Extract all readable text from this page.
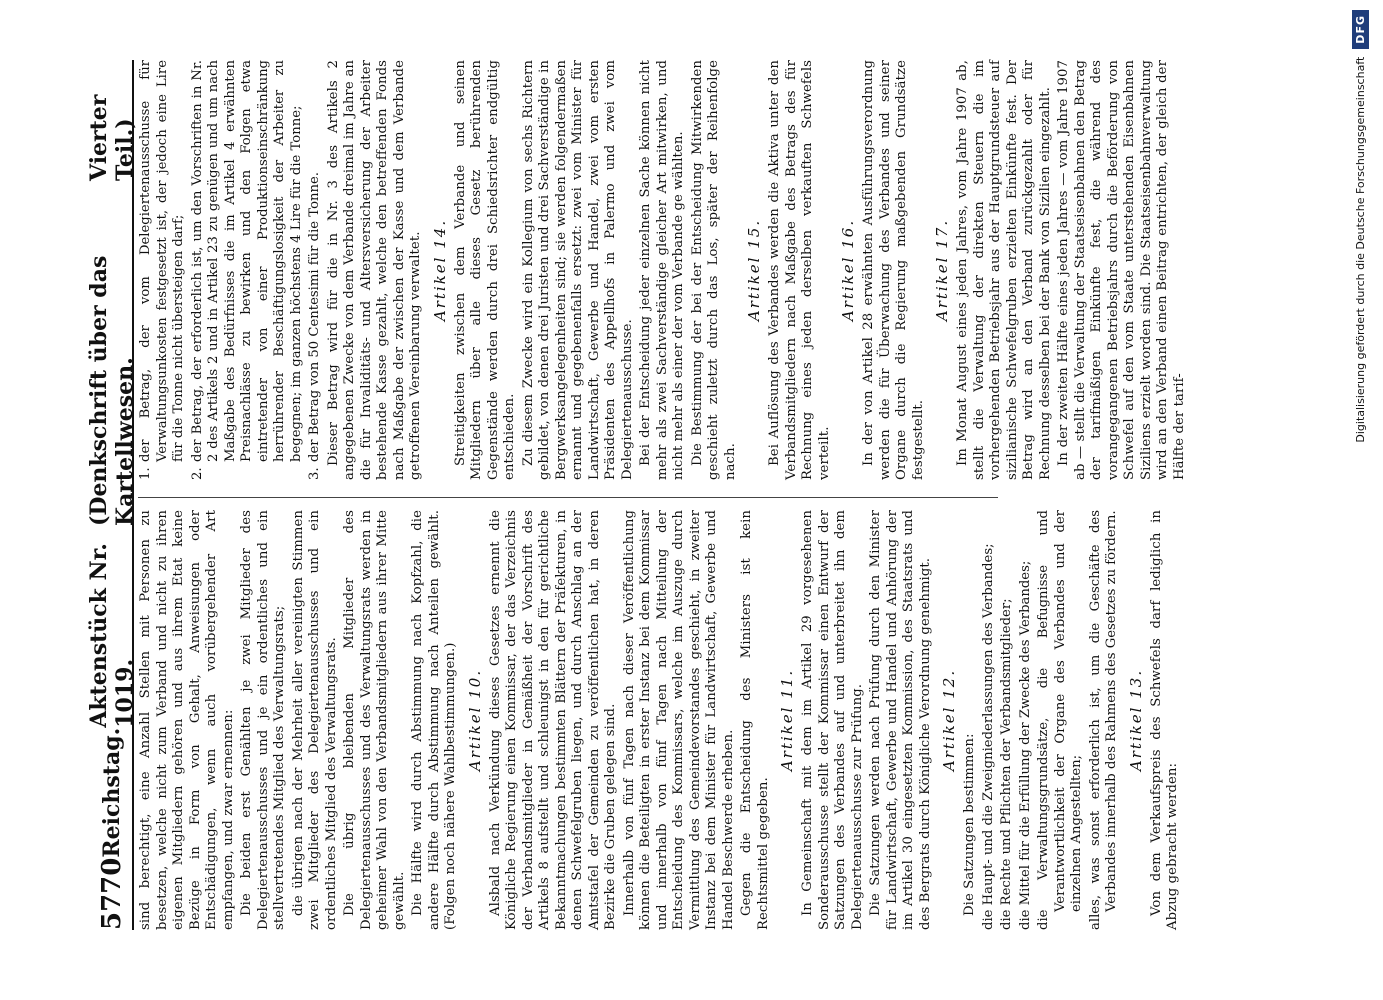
5770
Reichstag.
Aktenstück Nr. 1019.
(Denkschrift über das Kartellwesen.
Vierter Teil.)

sind berechtigt, eine Anzahl Stellen mit Personen zu besetzen, welche nicht zum Verband und nicht zu ihren eigenen Mitgliedern gehören und aus ihrem Etat keine Bezüge in Form von Gehalt, Anweisungen oder Entschädigungen, wenn auch vorübergehender Art empfangen, und zwar ernennen: Die beiden erst Genählten je zwei Mitglieder des Delegiertenausschusses und je ein ordentliches und ein stellvertretendes Mitglied des Verwaltungsrats; die übrigen nach der Mehrheit aller vereinigten Stimmen zwei Mitglieder des Delegiertenausschusses und ein ordentliches Mitglied des Verwaltungsrats. Die übrig bleibenden Mitglieder des Delegiertenausschusses und des Verwaltungsrats werden in geheimer Wahl von den Verbandsmitgliedern aus ihrer Mitte gewählt. Die Hälfte wird durch Abstimmung nach Kopfzahl, die andere Hälfte durch Abstimmung nach Anteilen gewählt. (Folgen noch nähere Wahlbestimmungen.) Artikel 10. Alsbald nach Verkündung dieses Gesetzes ernennt die Königliche Regierung einen Kommissar, der das Verzeichnis der Verbandsmitglieder in Gemäßheit der Vorschrift des Artikels 8 aufstellt und schleunigst in den für gerichtliche Bekanntmachungen bestimmten Blättern der Präfekturen, in denen Schwefelgruben liegen, und durch Anschlag an der Amtstafel der Gemeinden zu veröffentlichen hat, in deren Bezirke die Gruben gelegen sind. Innerhalb von fünf Tagen nach dieser Veröffentlichung können die Beteiligten in erster Instanz bei dem Kommissar und innerhalb von fünf Tagen nach Mitteilung der Entscheidung des Kommissars, welche im Auszuge durch Vermittlung des Gemeindevorstandes geschieht, in zweiter Instanz bei dem Minister für Landwirtschaft, Gewerbe und Handel Beschwerde erheben. Gegen die Entscheidung des Ministers ist kein Rechtsmittel gegeben.

Artikel 11. In Gemeinschaft mit dem im Artikel 29 vorgesehenen Sonderausschusse stellt der Kommissar einen Entwurf der Satzungen des Verbandes auf und unterbreitet ihn dem Delegiertenausschusse zur Prüfung. Die Satzungen werden nach Prüfung durch den Minister für Landwirtschaft, Gewerbe und Handel und Anhörung der im Artikel 30 eingesetzten Kommission, des Staatsrats und des Bergrats durch Königliche Verordnung genehmigt. Artikel 12.

Die Satzungen bestimmen: die Haupt- und die Zweigniederlassungen des Verbandes; die Rechte und Pflichten der Verbandsmitglieder; die Mittel für die Erfüllung der Zwecke des Verbandes; die Verwaltungsgrundsätze, die Befugnisse und Verantwortlichkeit der Organe des Verbandes und der einzelnen Angestellten; alles, was sonst erforderlich ist, um die Geschäfte des Verbandes innerhalb des Rahmens des Gesetzes zu fördern. Artikel 13. Von dem Verkaufspreis des Schwefels darf lediglich in Abzug gebracht werden:

1.der Betrag, der vom Delegiertenausschusse für Verwaltungsunkosten festgesetzt ist, der jedoch eine Lire für die Tonne nicht übersteigen darf;
2.der Betrag, der erforderlich ist, um den Vorschriften in Nr. 2 des Artikels 2 und in Artikel 23 zu genügen und um nach Maßgabe des Bedürfnisses die im Artikel 4 erwähnten Preisnachlässe zu bewirken und den Folgen etwa eintretender von einer Produktionseinschränkung herrührender Beschäftigungslosigkeit der Arbeiter zu begegnen; im ganzen höchstens 4 Lire für die Tonne;
3.der Betrag von 50 Centesimi für die Tonne. Dieser Betrag wird für die in Nr. 3 des Artikels 2 angegebenen Zwecke von dem Verbande dreimal im Jahre an die für Invaliditäts- und Altersversicherung der Arbeiter bestehende Kasse gezahlt, welche den betreffenden Fonds nach Maßgabe der zwischen der Kasse und dem Verbande getroffenen Vereinbarung verwaltet. Artikel 14. Streitigkeiten zwischen dem Verbande und seinen Mitgliedern über alle dieses Gesetz berührenden Gegenstände werden durch drei Schiedsrichter endgültig entschieden. Zu diesem Zwecke wird ein Kollegium von sechs Richtern gebildet, von denen drei Juristen und drei Sachverständige in Bergwerksangelegenheiten sind; sie werden folgendermaßen ernannt und gegebenenfalls ersetzt: zwei vom Minister für Landwirtschaft, Gewerbe und Handel, zwei vom ersten Präsidenten des Appellhofs in Palermo und zwei vom Delegiertenausschusse. Bei der Entscheidung jeder einzelnen Sache können nicht mehr als zwei Sachverständige gleicher Art mitwirken, und nicht mehr als einer der vom Verbande ge wählten. Die Bestimmung der bei der Entscheidung Mitwirkenden geschieht zuletzt durch das Los, später der Reihenfolge nach.

Artikel 15. Bei Auflösung des Verbandes werden die Aktiva unter den Verbandsmitgliedern nach Maßgabe des Betrags des für Rechnung eines jeden derselben verkauften Schwefels verteilt.

Artikel 16. In der von Artikel 28 erwähnten Ausführungsverordnung werden die für Überwachung des Verbandes und seiner Organe durch die Regierung maßgebenden Grundsätze festgestellt.

Artikel 17. Im Monat August eines jeden Jahres, vom Jahre 1907 ab, stellt die Verwaltung der direkten Steuern die im vorhergehenden Betriebsjahr aus der Hauptgrundsteuer auf sizilianische Schwefelgruben erzielten Einkünfte fest. Der Betrag wird an den Verband zurückgezahlt oder für Rechnung desselben bei der Bank von Sizilien eingezahlt. In der zweiten Hälfte eines jeden Jahres — vom Jahre 1907 ab — stellt die Verwaltung der Staatseisenbahnen den Betrag der tarifmäßigen Einkünfte fest, die während des vorangegangenen Betriebsjahrs durch die Beförderung von Schwefel auf den vom Staate unterstehenden Eisenbahnen Siziliens erzielt worden sind. Die Staatseisenbahnverwaltung wird an den Verband einen Beitrag entrichten, der gleich der Hälfte der tarif-	Digitalisierung gefördert durch die Deutsche Forschungsgemeinschaft
DFG
